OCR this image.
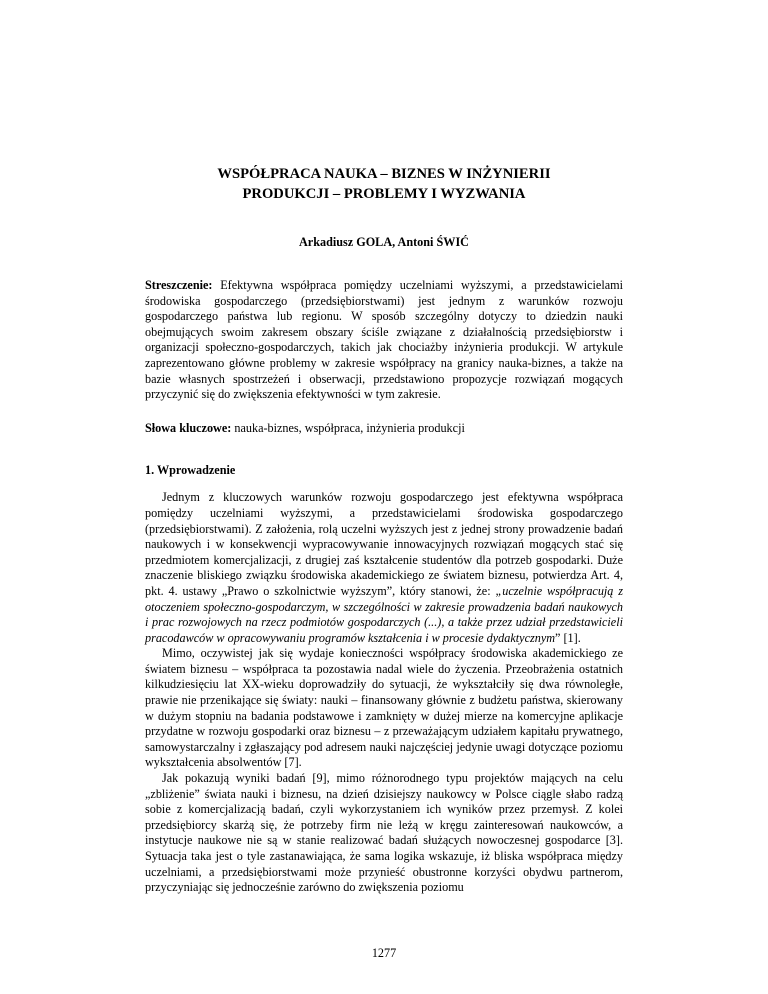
WSPÓŁPRACA NAUKA – BIZNES W INŻYNIERII
PRODUKCJI – PROBLEMY I WYZWANIA
Arkadiusz GOLA, Antoni ŚWIĆ

Streszczenie: Efektywna współpraca pomiędzy uczelniami wyższymi, a przedstawicielami środowiska gospodarczego (przedsiębiorstwami) jest jednym z warunków rozwoju gospodarczego państwa lub regionu. W sposób szczególny dotyczy to dziedzin nauki obejmujących swoim zakresem obszary ściśle związane z działalnością przedsiębiorstw i organizacji społeczno-gospodarczych, takich jak chociażby inżynieria produkcji. W artykule zaprezentowano główne problemy w zakresie współpracy na granicy nauka-biznes, a także na bazie własnych spostrzeżeń i obserwacji, przedstawiono propozycje rozwiązań mogących przyczynić się do zwiększenia efektywności w tym zakresie.

Słowa kluczowe: nauka-biznes, współpraca, inżynieria produkcji

1. Wprowadzenie

Jednym z kluczowych warunków rozwoju gospodarczego jest efektywna współpraca pomiędzy uczelniami wyższymi, a przedstawicielami środowiska gospodarczego (przedsiębiorstwami). Z założenia, rolą uczelni wyższych jest z jednej strony prowadzenie badań naukowych i w konsekwencji wypracowywanie innowacyjnych rozwiązań mogących stać się przedmiotem komercjalizacji, z drugiej zaś kształcenie studentów dla potrzeb gospodarki. Duże znaczenie bliskiego związku środowiska akademickiego ze światem biznesu, potwierdza Art. 4, pkt. 4. ustawy „Prawo o szkolnictwie wyższym”, który stanowi, że: „uczelnie współpracują z otoczeniem społeczno-gospodarczym, w szczególności w zakresie prowadzenia badań naukowych i prac rozwojowych na rzecz podmiotów gospodarczych (...), a także przez udział przedstawicieli pracodawców w opracowywaniu programów kształcenia i w procesie dydaktycznym” [1].

Mimo, oczywistej jak się wydaje konieczności współpracy środowiska akademickiego ze światem biznesu – współpraca ta pozostawia nadal wiele do życzenia. Przeobrażenia ostatnich kilkudziesięciu lat XX-wieku doprowadziły do sytuacji, że wykształciły się dwa równoległe, prawie nie przenikające się światy: nauki – finansowany głównie z budżetu państwa, skierowany w dużym stopniu na badania podstawowe i zamknięty w dużej mierze na komercyjne aplikacje przydatne w rozwoju gospodarki oraz biznesu – z przeważającym udziałem kapitału prywatnego, samowystarczalny i zgłaszający pod adresem nauki najczęściej jedynie uwagi dotyczące poziomu wykształcenia absolwentów [7].

Jak pokazują wyniki badań [9], mimo różnorodnego typu projektów mających na celu „zbliżenie” świata nauki i biznesu, na dzień dzisiejszy naukowcy w Polsce ciągle słabo radzą sobie z komercjalizacją badań, czyli wykorzystaniem ich wyników przez przemysł. Z kolei przedsiębiorcy skarżą się, że potrzeby firm nie leżą w kręgu zainteresowań naukowców, a instytucje naukowe nie są w stanie realizować badań służących nowoczesnej gospodarce [3]. Sytuacja taka jest o tyle zastanawiająca, że sama logika wskazuje, iż bliska współpraca między uczelniami, a przedsiębiorstwami może przynieść obustronne korzyści obydwu partnerom, przyczyniając się jednocześnie zarówno do zwiększenia poziomu

1277
